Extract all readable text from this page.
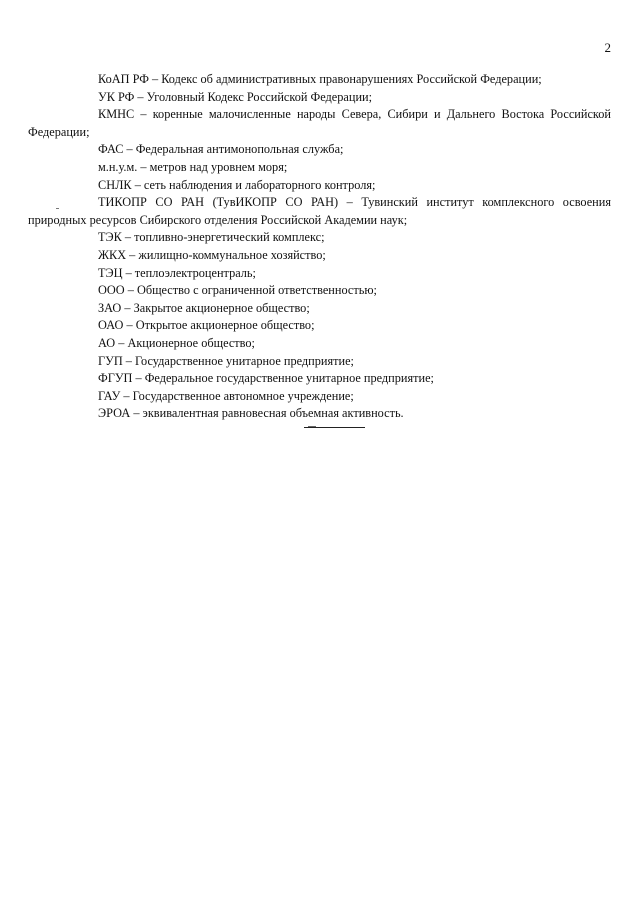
2
КоАП РФ – Кодекс об административных правонарушениях Российской Федерации;
УК РФ – Уголовный Кодекс Российской Федерации;
КМНС – коренные малочисленные народы Севера, Сибири и Дальнего Востока Российской Федерации;
ФАС – Федеральная антимонопольная служба;
м.н.у.м. – метров над уровнем моря;
СНЛК – сеть наблюдения и лабораторного контроля;
ТИКОПР СО РАН (ТувИКОПР СО РАН) – Тувинский институт комплексного освоения природных ресурсов Сибирского отделения Российской Академии наук;
ТЭК – топливно-энергетический комплекс;
ЖКХ – жилищно-коммунальное хозяйство;
ТЭЦ – теплоэлектроцентраль;
ООО – Общество с ограниченной ответственностью;
ЗАО – Закрытое акционерное общество;
ОАО – Открытое акционерное общество;
АО – Акционерное общество;
ГУП – Государственное унитарное предприятие;
ФГУП – Федеральное государственное унитарное предприятие;
ГАУ – Государственное автономное учреждение;
ЭРОА – эквивалентная равновесная объемная активность.
